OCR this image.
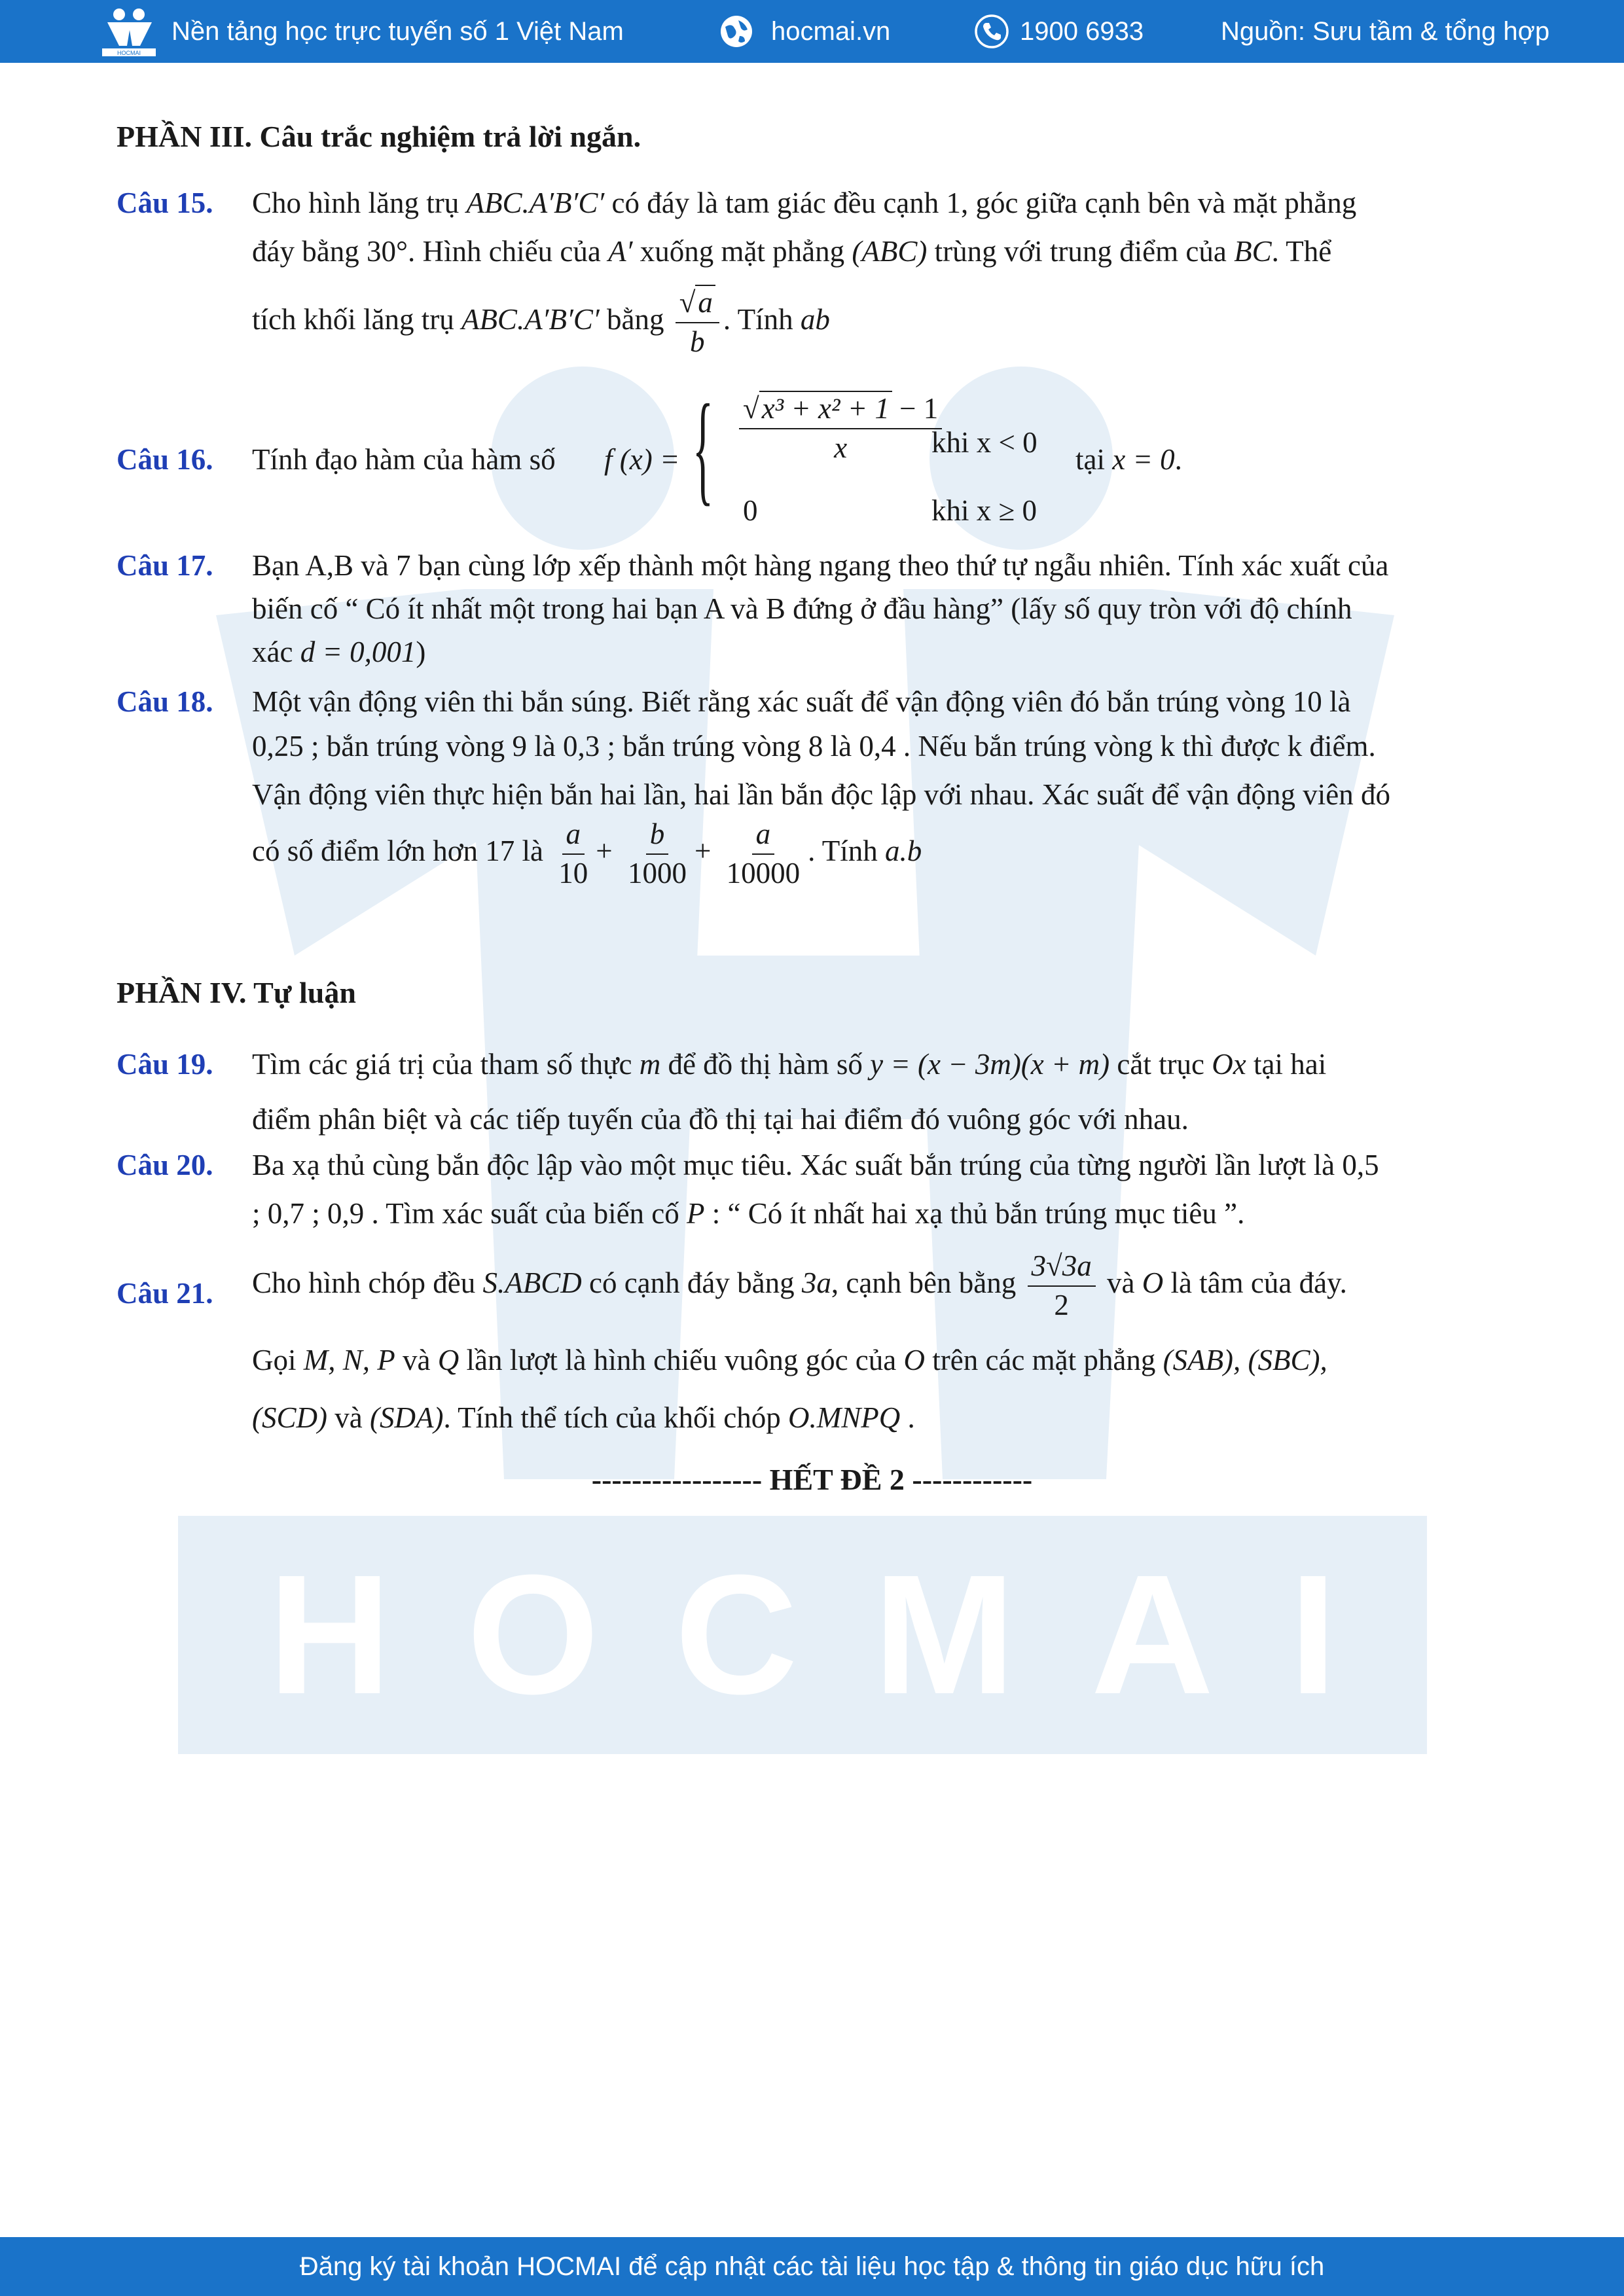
H O C M A I
HOCMAI
Nền tảng học trực tuyến số 1 Việt Nam	hocmai.vn	1900 6933	Nguồn: Sưu tầm & tổng hợp
PHẦN III. Câu trắc nghiệm trả lời ngắn.
Câu 15. Cho hình lăng trụ ABC.A′B′C′ có đáy là tam giác đều cạnh 1, góc giữa cạnh bên và mặt phẳng
đáy bằng 30°. Hình chiếu của A′ xuống mặt phẳng (ABC) trùng với trung điểm của BC. Thể
tích khối lăng trụ ABC.A′B′C′ bằng $\frac{√a}{b}$ . Tính ab
Câu 16. Tính đạo hàm của hàm số f (x) = { $\frac{\text{√x³ + x² + 1 − 1}}{x}$
khi x < 0
0	khi x ≥ 0
tại x = 0.
Câu 17. Bạn A,B và 7 bạn cùng lớp xếp thành một hàng ngang theo thứ tự ngẫu nhiên. Tính xác xuất của
biến cố “ Có ít nhất một trong hai bạn A và B đứng ở đầu hàng” (lấy số quy tròn với độ chính
xác d = 0,001)
Câu 18. Một vận động viên thi bắn súng. Biết rằng xác suất để vận động viên đó bắn trúng vòng 10 là
0,25 ; bắn trúng vòng 9 là 0,3 ; bắn trúng vòng 8 là 0,4 . Nếu bắn trúng vòng k thì được k điểm.
Vận động viên thực hiện bắn hai lần, hai lần bắn độc lập với nhau. Xác suất để vận động viên đó
có số điểm lớn hơn 17 là $\frac{a}{10} + \frac{b}{1000} + \frac{a}{10000}$ . Tính a.b
PHẦN IV. Tự luận
Câu 19. Tìm các giá trị của tham số thực m để đồ thị hàm số y = (x − 3m)(x + m) cắt trục Ox tại hai
điểm phân biệt và các tiếp tuyến của đồ thị tại hai điểm đó vuông góc với nhau.
Câu 20. Ba xạ thủ cùng bắn độc lập vào một mục tiêu. Xác suất bắn trúng của từng người lần lượt là 0,5
; 0,7 ; 0,9 . Tìm xác suất của biến cố P : “ Có ít nhất hai xạ thủ bắn trúng mục tiêu ”.
Câu 21. Cho hình chóp đều S.ABCD có cạnh đáy bằng 3a, cạnh bên bằng $\frac{3√3a}{2}$ và O là tâm của đáy.
Gọi M, N, P và Q lần lượt là hình chiếu vuông góc của O trên các mặt phẳng (SAB), (SBC),
(SCD) và (SDA). Tính thể tích của khối chóp O.MNPQ .
----------------- HẾT ĐỀ 2 ------------
Đăng ký tài khoản HOCMAI để cập nhật các tài liệu học tập & thông tin giáo dục hữu ích
